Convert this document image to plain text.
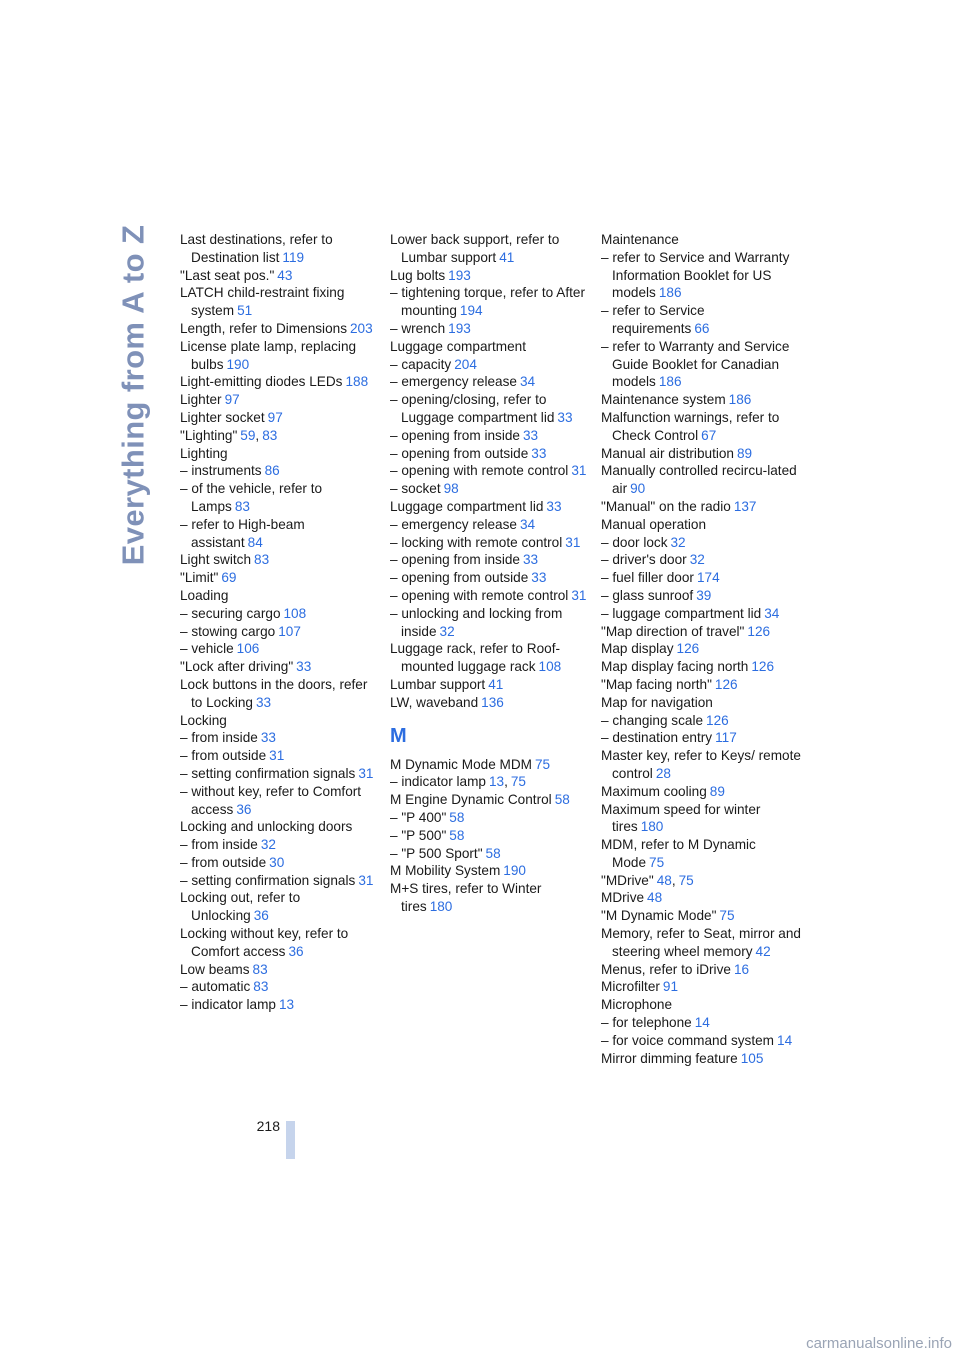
Everything from A to Z Last destinations, refer to Destination list 119
"Last seat pos." 43
LATCH child-restraint fixing system 51
Length, refer to Dimensions 203
License plate lamp, replacing bulbs 190
Light-emitting diodes LEDs 188
Lighter 97
Lighter socket 97
"Lighting" 59, 83
Lighting
– instruments 86
– of the vehicle, refer to Lamps 83
– refer to High-beam assistant 84
Light switch 83
"Limit" 69
Loading
– securing cargo 108
– stowing cargo 107
– vehicle 106
"Lock after driving" 33
Lock buttons in the doors, refer to Locking 33
Locking
– from inside 33
– from outside 31
– setting confirmation signals 31
– without key, refer to Comfort access 36
Locking and unlocking doors
– from inside 32
– from outside 30
– setting confirmation signals 31
Locking out, refer to Unlocking 36
Locking without key, refer to Comfort access 36
Low beams 83
– automatic 83
– indicator lamp 13
Lower back support, refer to Lumbar support 41
Lug bolts 193
– tightening torque, refer to After mounting 194
– wrench 193
Luggage compartment
– capacity 204
– emergency release 34
– opening/closing, refer to Luggage compartment lid 33
– opening from inside 33
– opening from outside 33
– opening with remote control 31
– socket 98
Luggage compartment lid 33
– emergency release 34
– locking with remote control 31
– opening from inside 33
– opening from outside 33
– opening with remote control 31
– unlocking and locking from inside 32
Luggage rack, refer to Roof-mounted luggage rack 108
Lumbar support 41
LW, waveband 136
M
M Dynamic Mode MDM 75
– indicator lamp 13, 75
M Engine Dynamic Control 58
– "P 400" 58
– "P 500" 58
– "P 500 Sport" 58
M Mobility System 190
M+S tires, refer to Winter tires 180
Maintenance
– refer to Service and Warranty Information Booklet for US models 186
– refer to Service requirements 66
– refer to Warranty and Service Guide Booklet for Canadian models 186
Maintenance system 186
Malfunction warnings, refer to Check Control 67
Manual air distribution 89
Manually controlled recircu-lated air 90
"Manual" on the radio 137
Manual operation
– door lock 32
– driver's door 32
– fuel filler door 174
– glass sunroof 39
– luggage compartment lid 34
"Map direction of travel" 126
Map display 126
Map display facing north 126
"Map facing north" 126
Map for navigation
– changing scale 126
– destination entry 117
Master key, refer to Keys/ remote control 28
Maximum cooling 89
Maximum speed for winter tires 180
MDM, refer to M Dynamic Mode 75
"MDrive" 48, 75
MDrive 48
"M Dynamic Mode" 75
Memory, refer to Seat, mirror and steering wheel memory 42
Menus, refer to iDrive 16
Microfilter 91
Microphone
– for telephone 14
– for voice command system 14
Mirror dimming feature 105
218
carmanualsonline.info
